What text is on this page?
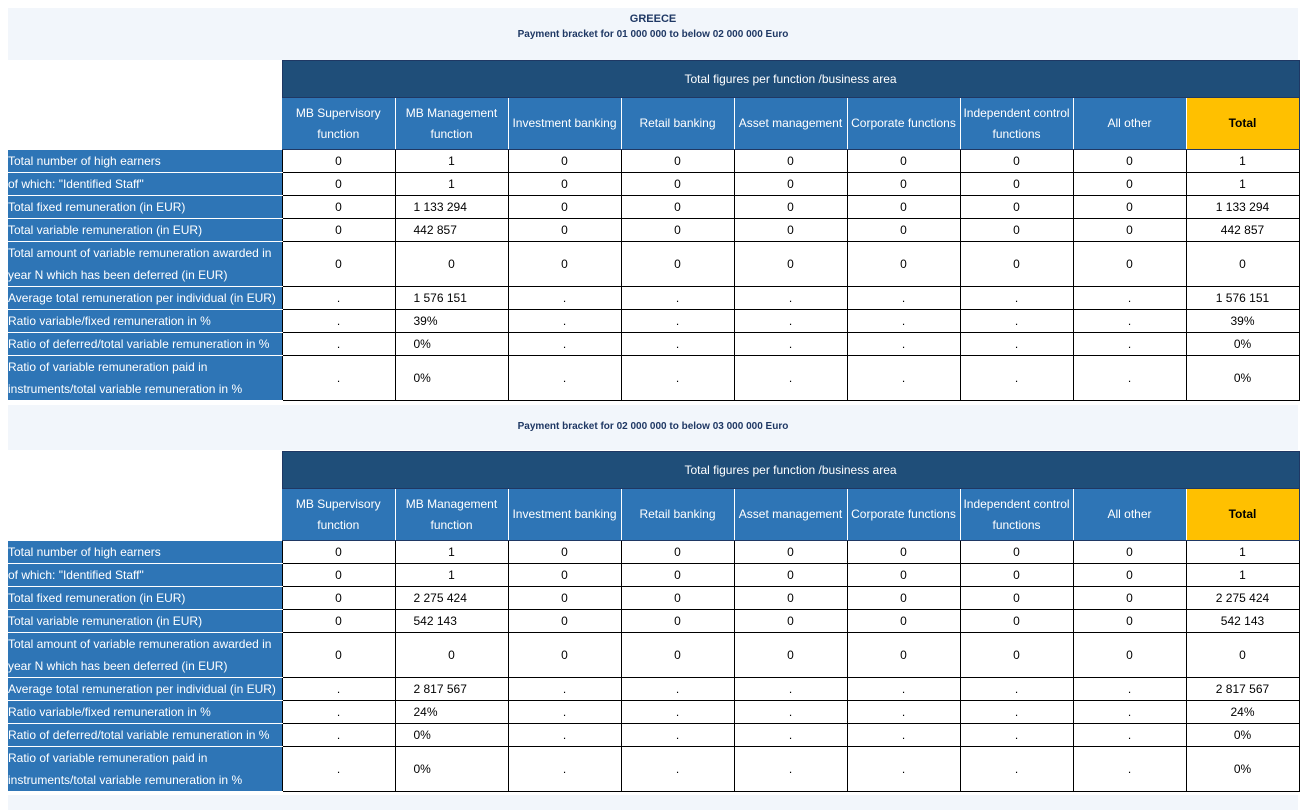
GREECE
Payment bracket for 01 000 000 to below 02 000 000 Euro
	Total figures per function /business area								
	MB Supervisory function	MB Management function	Investment banking	Retail banking	Asset management	Corporate functions	Independent control functions	All other	Total
Total number of high earners	0	1	0	0	0	0	0	0	1
of which: "Identified Staff"	0	1	0	0	0	0	0	0	1
Total fixed remuneration (in EUR)	0	1 133 294	0	0	0	0	0	0	1 133 294
Total variable remuneration (in EUR)	0	442 857	0	0	0	0	0	0	442 857
Total amount of variable remuneration awarded in year N which has been deferred (in EUR)	0	0	0	0	0	0	0	0	0
Average total remuneration per individual (in EUR)	.	1 576 151	.	.	.	.	.	.	1 576 151
Ratio variable/fixed remuneration in %	.	39%	.	.	.	.	.	.	39%
Ratio of deferred/total variable remuneration in %	.	0%	.	.	.	.	.	.	0%
Ratio of variable remuneration paid in instruments/total variable remuneration in %	.	0%	.	.	.	.	.	.	0%
Payment bracket for 02 000 000 to below 03 000 000 Euro
	Total figures per function /business area								
	MB Supervisory function	MB Management function	Investment banking	Retail banking	Asset management	Corporate functions	Independent control functions	All other	Total
Total number of high earners	0	1	0	0	0	0	0	0	1
of which: "Identified Staff"	0	1	0	0	0	0	0	0	1
Total fixed remuneration (in EUR)	0	2 275 424	0	0	0	0	0	0	2 275 424
Total variable remuneration (in EUR)	0	542 143	0	0	0	0	0	0	542 143
Total amount of variable remuneration awarded in year N which has been deferred (in EUR)	0	0	0	0	0	0	0	0	0
Average total remuneration per individual (in EUR)	.	2 817 567	.	.	.	.	.	.	2 817 567
Ratio variable/fixed remuneration in %	.	24%	.	.	.	.	.	.	24%
Ratio of deferred/total variable remuneration in %	.	0%	.	.	.	.	.	.	0%
Ratio of variable remuneration paid in instruments/total variable remuneration in %	.	0%	.	.	.	.	.	.	0%
